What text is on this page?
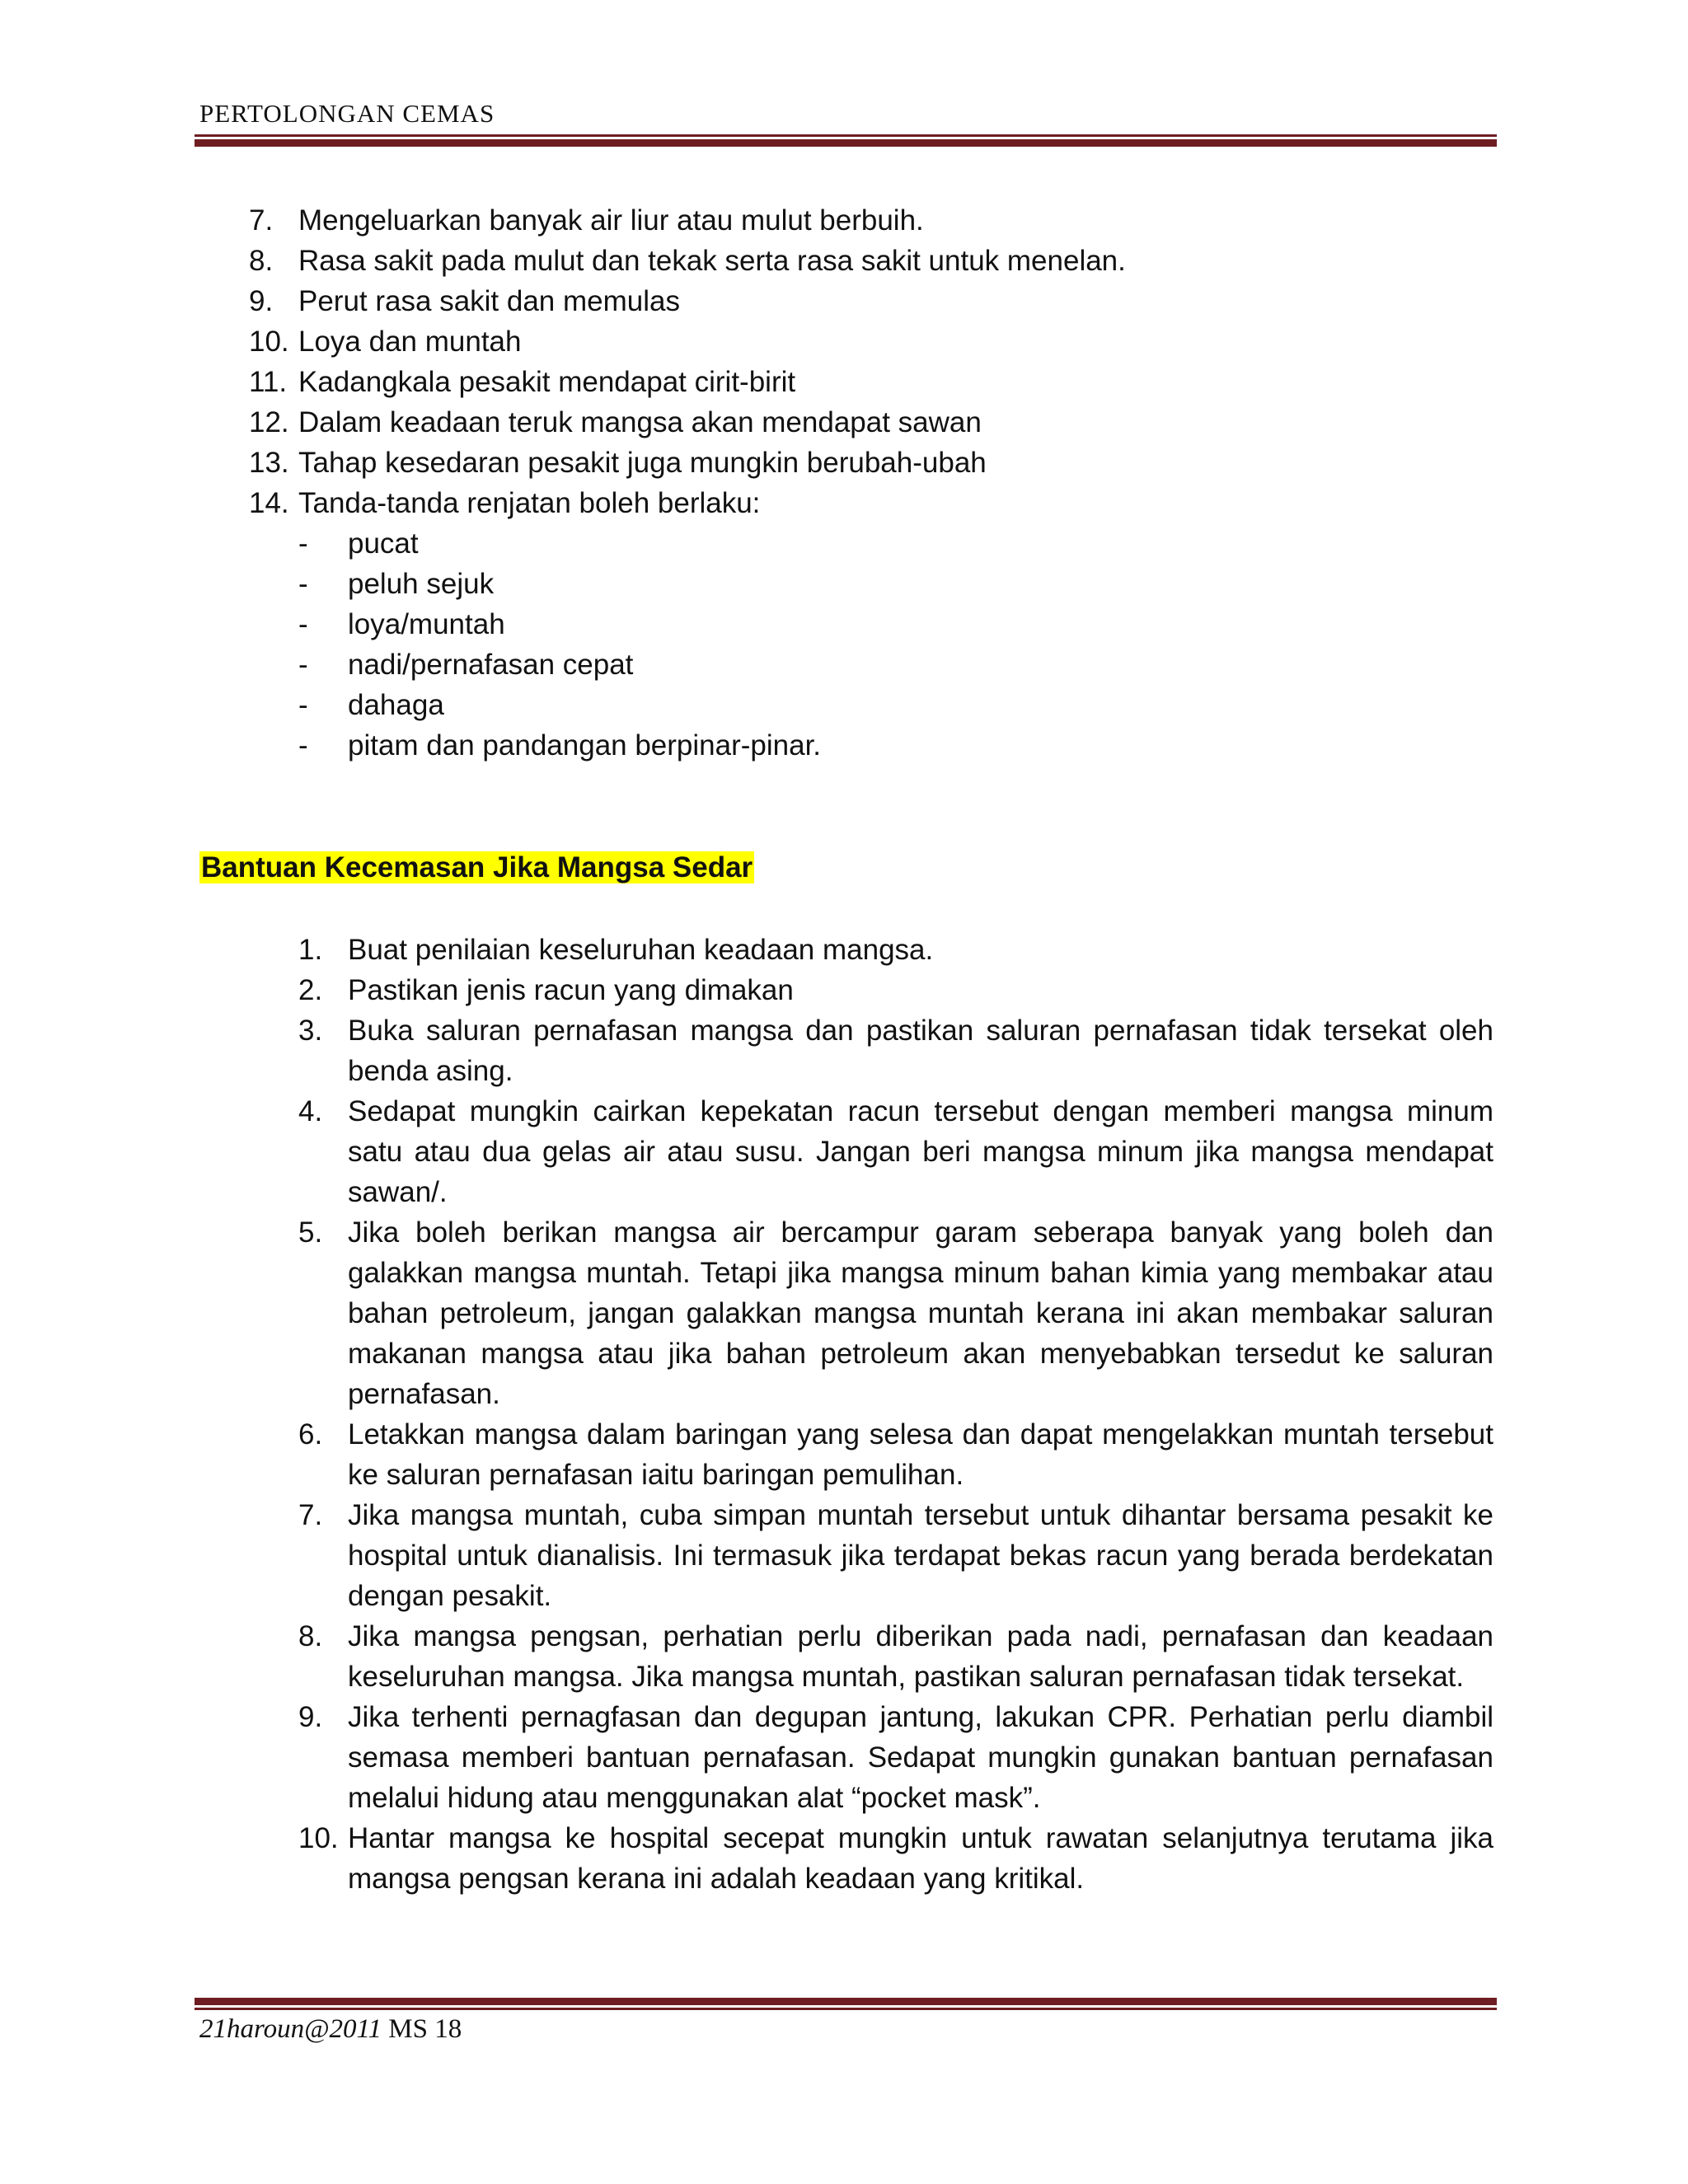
PERTOLONGAN CEMAS
7. Mengeluarkan banyak air liur atau mulut berbuih.
8. Rasa sakit pada mulut dan tekak serta rasa sakit untuk menelan.
9. Perut rasa sakit dan memulas
10. Loya dan muntah
11. Kadangkala pesakit mendapat cirit-birit
12. Dalam keadaan teruk mangsa akan mendapat sawan
13. Tahap kesedaran pesakit juga mungkin berubah-ubah
14. Tanda-tanda renjatan boleh berlaku:
- pucat
- peluh sejuk
- loya/muntah
- nadi/pernafasan cepat
- dahaga
- pitam dan pandangan berpinar-pinar.
Bantuan Kecemasan Jika Mangsa Sedar
1. Buat penilaian keseluruhan keadaan mangsa.
2. Pastikan jenis racun yang dimakan
3. Buka saluran pernafasan mangsa dan pastikan saluran pernafasan tidak tersekat oleh benda asing.
4. Sedapat mungkin cairkan kepekatan racun tersebut dengan memberi mangsa minum satu atau dua gelas air atau susu. Jangan beri mangsa minum jika mangsa mendapat sawan/.
5. Jika boleh berikan mangsa air bercampur garam seberapa banyak yang boleh dan galakkan mangsa muntah. Tetapi jika mangsa minum bahan kimia yang membakar atau bahan petroleum, jangan galakkan mangsa muntah kerana ini akan membakar saluran makanan mangsa atau jika bahan petroleum akan menyebabkan tersedut ke saluran pernafasan.
6. Letakkan mangsa dalam baringan yang selesa dan dapat mengelakkan muntah tersebut ke saluran pernafasan iaitu baringan pemulihan.
7. Jika mangsa muntah, cuba simpan muntah tersebut untuk dihantar bersama pesakit ke hospital untuk dianalisis. Ini termasuk jika terdapat bekas racun yang berada berdekatan dengan pesakit.
8. Jika mangsa pengsan, perhatian perlu diberikan pada nadi, pernafasan dan keadaan keseluruhan mangsa. Jika mangsa muntah, pastikan saluran pernafasan tidak tersekat.
9. Jika terhenti pernagfasan dan degupan jantung, lakukan CPR. Perhatian perlu diambil semasa memberi bantuan pernafasan. Sedapat mungkin gunakan bantuan pernafasan melalui hidung atau menggunakan alat “pocket mask”.
10. Hantar mangsa ke hospital secepat mungkin untuk rawatan selanjutnya terutama jika mangsa pengsan kerana ini adalah keadaan yang kritikal.

21haroun@2011 MS 18
